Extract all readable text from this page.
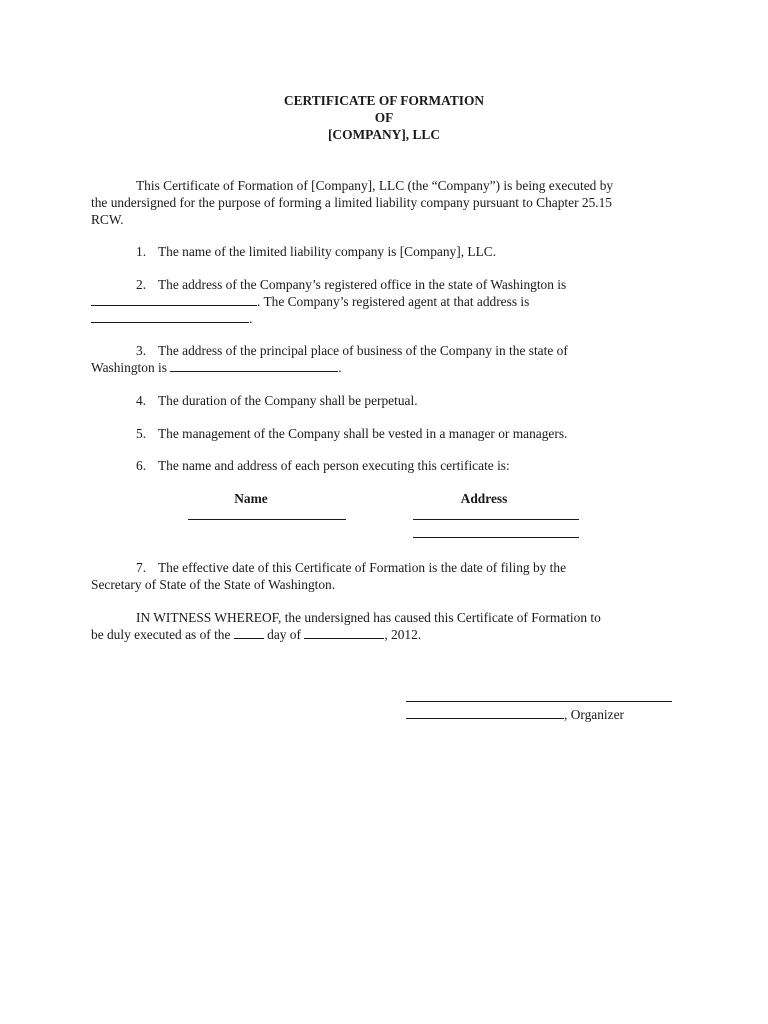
CERTIFICATE OF FORMATION
OF
[COMPANY], LLC
This Certificate of Formation of [Company], LLC (the “Company”) is being executed by
the undersigned for the purpose of forming a limited liability company pursuant to Chapter 25.15
RCW.
1. The name of the limited liability company is [Company], LLC.
2. The address of the Company’s registered office in the state of Washington is
. The Company’s registered agent at that address is
.
3. The address of the principal place of business of the Company in the state of
Washington is	.
4. The duration of the Company shall be perpetual.
5. The management of the Company shall be vested in a manager or managers.
6. The name and address of each person executing this certificate is:
Name	Address
7. The effective date of this Certificate of Formation is the date of filing by the
Secretary of State of the State of Washington.
IN WITNESS WHEREOF, the undersigned has caused this Certificate of Formation to
be duly executed as of the  day of	, 2012.
, Organizer
